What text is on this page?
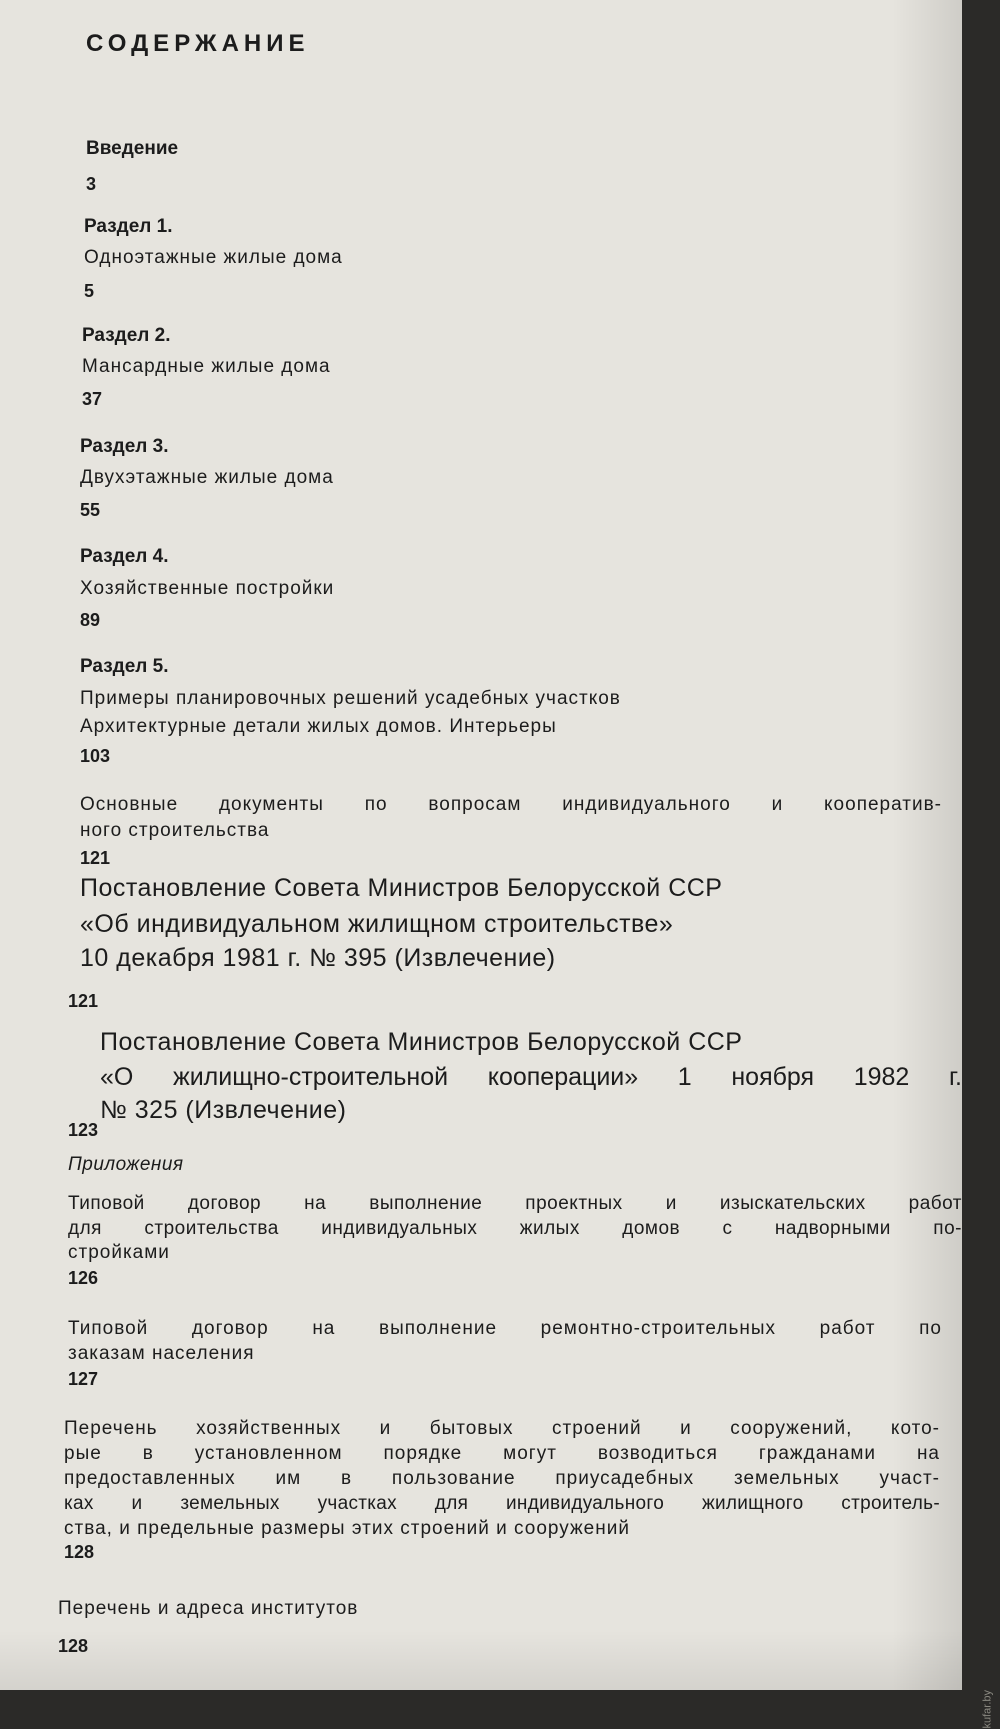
СОДЕРЖАНИЕ
Введение
3
Раздел 1.
Одноэтажные жилые дома
5
Раздел 2.
Мансардные жилые дома
37
Раздел 3.
Двухэтажные жилые дома
55
Раздел 4.
Хозяйственные постройки
89
Раздел 5.
Примеры планировочных решений усадебных участков
Архитектурные детали жилых домов. Интерьеры
103
Основные документы по вопросам индивидуального и кооператив-
ного строительства
121
Постановление Совета Министров Белорусской ССР
«Об индивидуальном жилищном строительстве»
10 декабря 1981 г. № 395 (Извлечение)
121
Постановление Совета Министров Белорусской ССР
«О жилищно-строительной кооперации» 1 ноября 1982 г.
№ 325 (Извлечение)
123
Приложения
Типовой договор на выполнение проектных и изыскательских работ
для строительства индивидуальных жилых домов с надворными по-
стройками
126
Типовой договор на выполнение ремонтно-строительных работ по
заказам населения
127
Перечень хозяйственных и бытовых строений и сооружений, кото-
рые в установленном порядке могут возводиться гражданами на
предоставленных им в пользование приусадебных земельных участ-
ках и земельных участках для индивидуального жилищного строитель-
ства, и предельные размеры этих строений и сооружений
128
Перечень и адреса институтов
128
kufar.by
